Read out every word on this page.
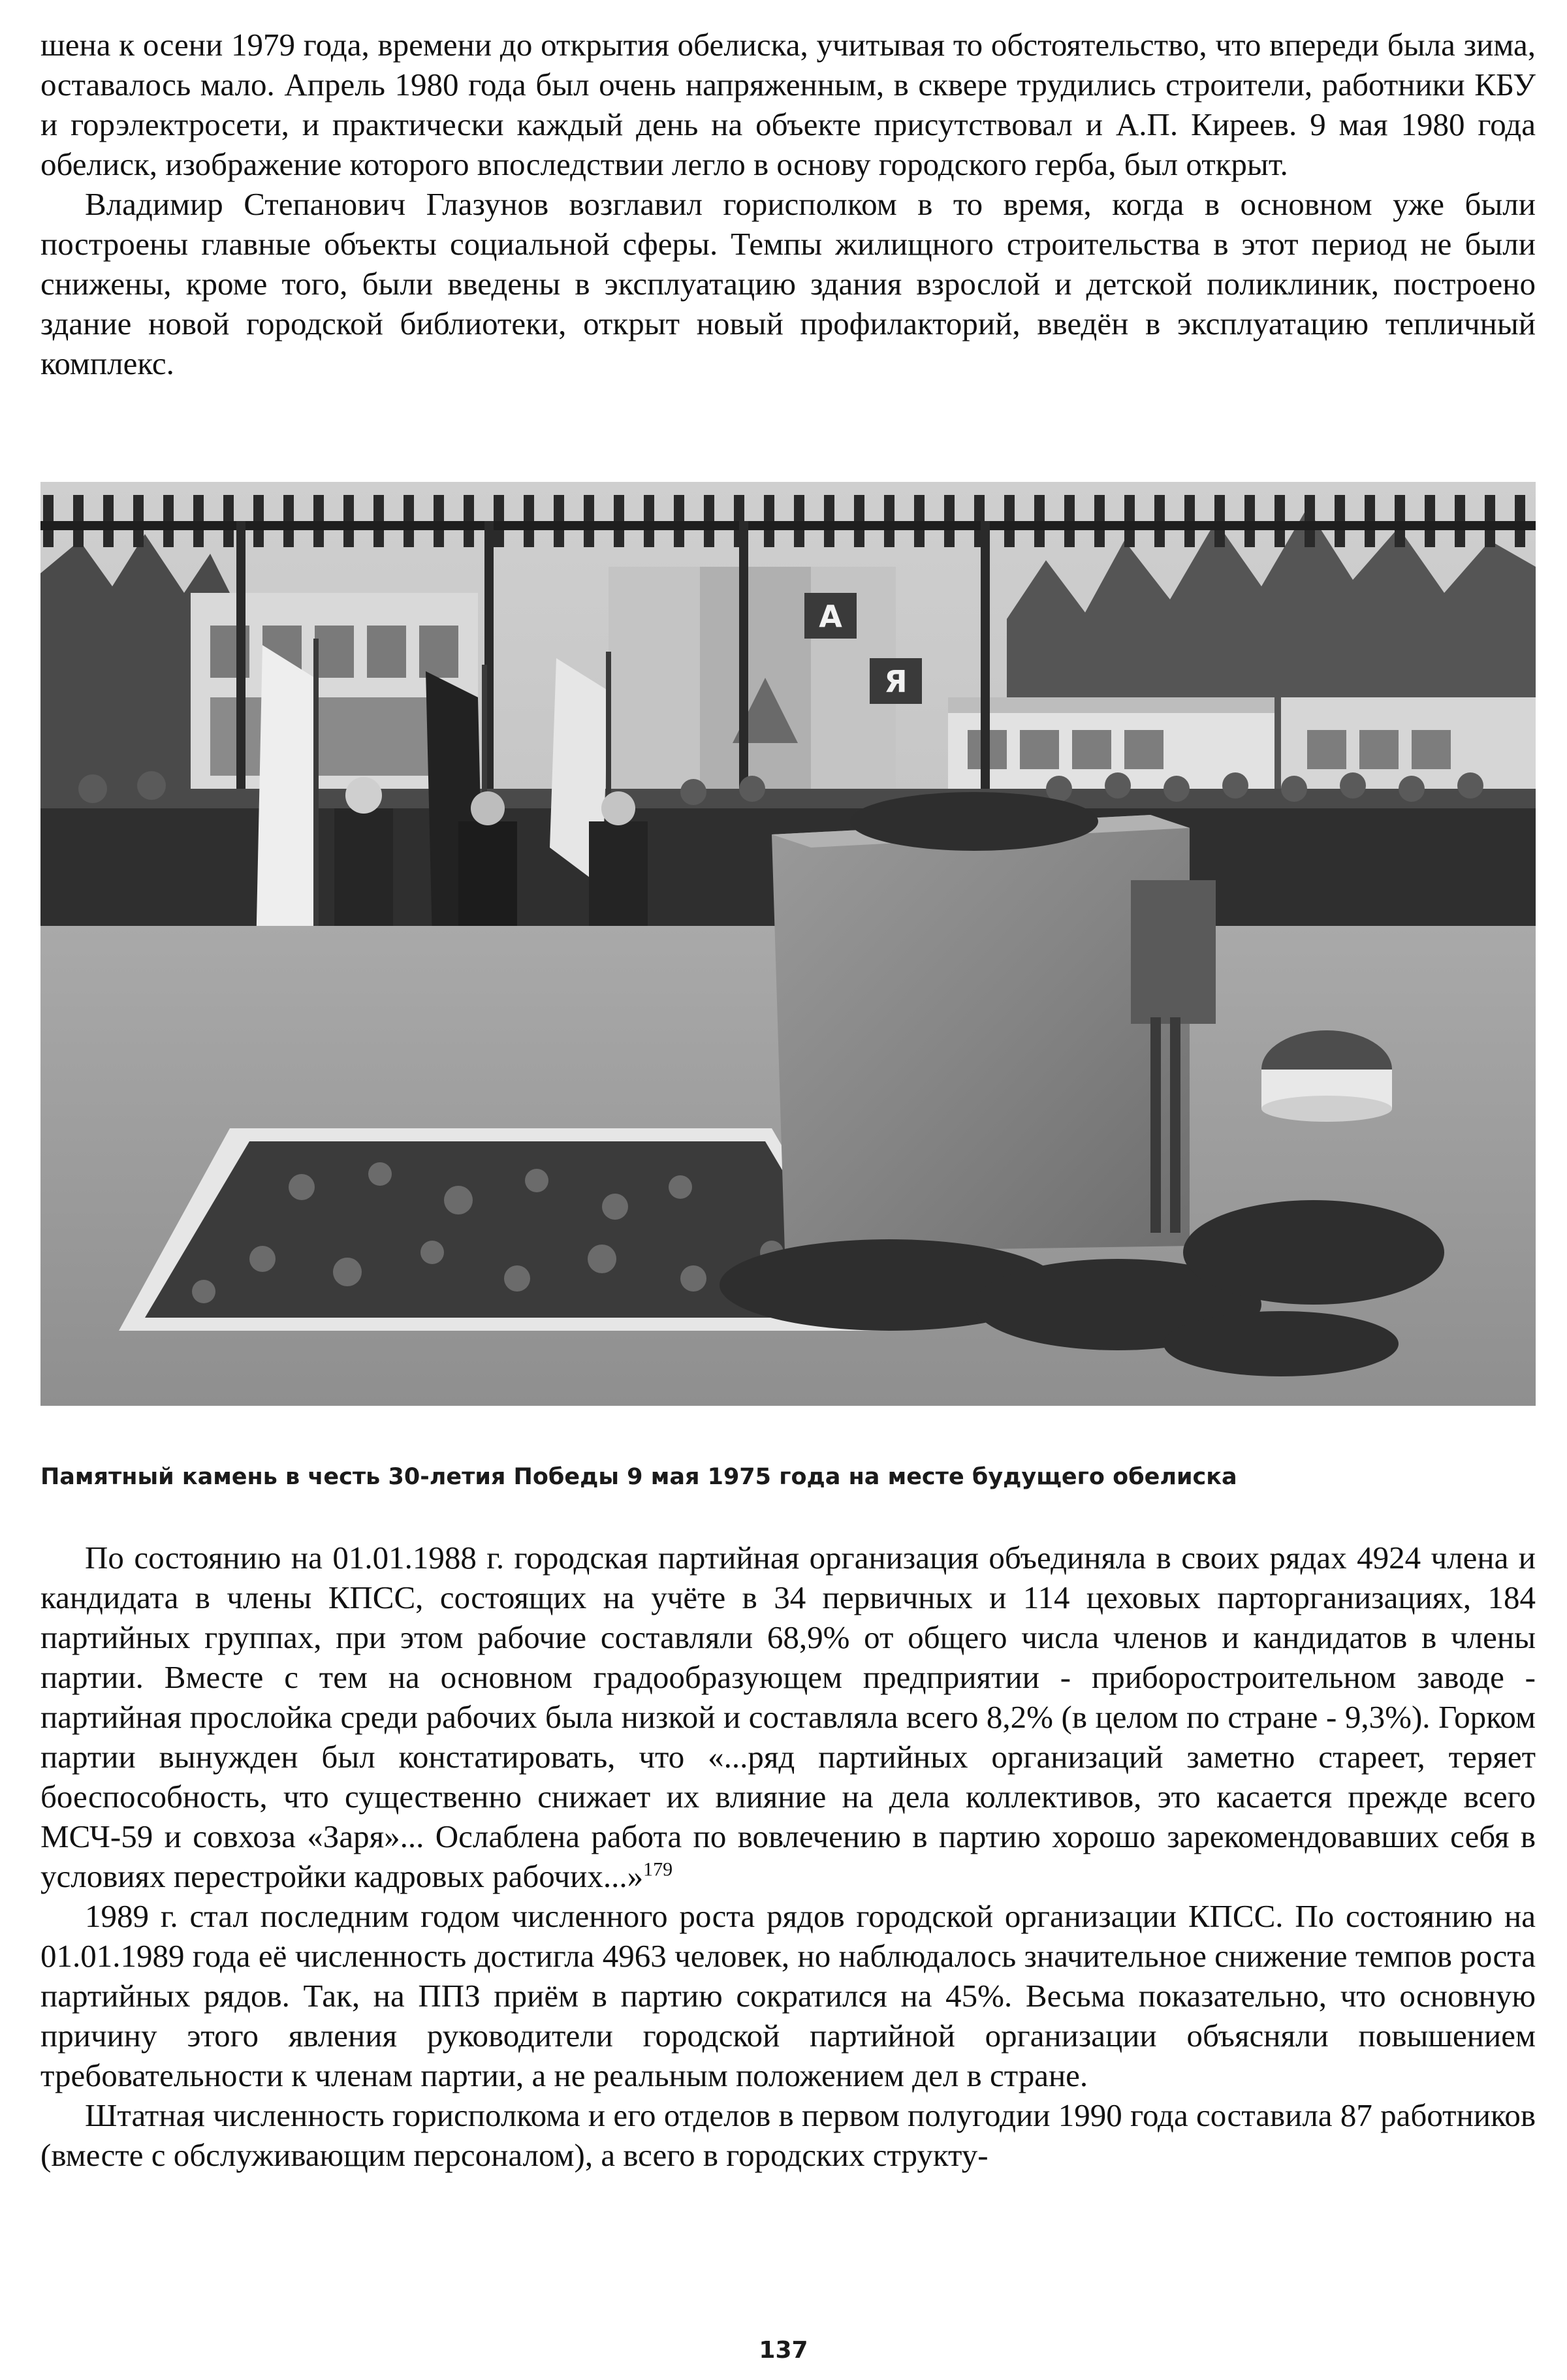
шена к осени 1979 года, времени до открытия обелиска, учитывая то обстоятельство, что впереди была зима, оставалось мало. Апрель 1980 года был очень напряженным, в сквере трудились строители, работники КБУ и горэлектросети, и практически каждый день на объекте присутствовал и А.П. Киреев. 9 мая 1980 года обелиск, изображение которого впоследствии легло в основу городского герба, был открыт.

Владимир Степанович Глазунов возглавил горисполком в то время, когда в основном уже были построены главные объекты социальной сферы. Темпы жилищного строительства в этот период не были снижены, кроме того, были введены в эксплуатацию здания взрослой и детской поликлиник, построено здание новой городской библиотеки, открыт новый профилакторий, введён в эксплуатацию тепличный комплекс.

А
Я
Памятный камень в честь 30-летия Победы 9 мая 1975 года на месте будущего обелиска

По состоянию на 01.01.1988 г. городская партийная организация объединяла в своих рядах 4924 члена и кандидата в члены КПСС, состоящих на учёте в 34 первичных и 114 цеховых парторганизациях, 184 партийных группах, при этом рабочие составляли 68,9% от общего числа членов и кандидатов в члены партии. Вместе с тем на основном градообразующем предприятии - приборостроительном заводе - партийная прослойка среди рабочих была низкой и составляла всего 8,2% (в целом по стране - 9,3%). Горком партии вынужден был констатировать, что «...ряд партийных организаций заметно стареет, теряет боеспособность, что существенно снижает их влияние на дела коллективов, это касается прежде всего МСЧ-59 и совхоза «Заря»... Ослаблена работа по вовлечению в партию хорошо зарекомендовавших себя в условиях перестройки кадровых рабочих...»$^{179}$

1989 г. стал последним годом численного роста рядов городской организации КПСС. По состоянию на 01.01.1989 года её численность достигла 4963 человек, но наблюдалось значительное снижение темпов роста партийных рядов. Так, на ППЗ приём в партию сократился на 45%. Весьма показательно, что основную причину этого явления руководители городской партийной организации объясняли повышением требовательности к членам партии, а не реальным положением дел в стране.

Штатная численность горисполкома и его отделов в первом полугодии 1990 года составила 87 работников (вместе с обслуживающим персоналом), а всего в городских структу-

137
